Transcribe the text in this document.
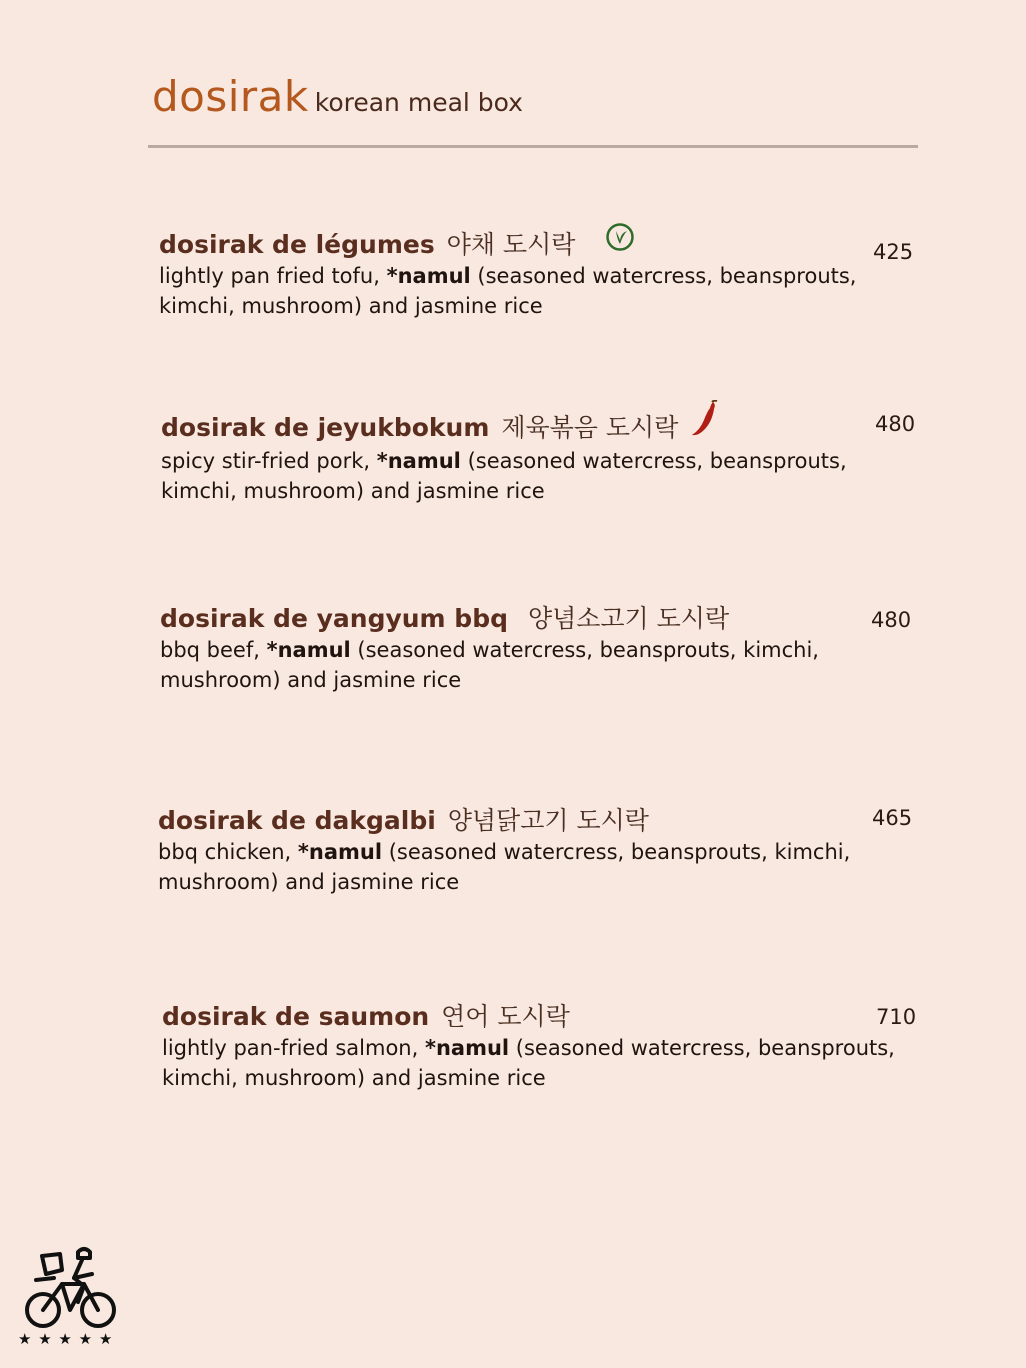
dosirak korean meal box
dosirak de légumes 야채 도시락
lightly pan fried tofu, *namul (seasoned watercress, beansprouts, kimchi, mushroom) and jasmine rice
425
dosirak de jeyukbokum 제육볶음 도시락
spicy stir-fried pork, *namul (seasoned watercress, beansprouts, kimchi, mushroom) and jasmine rice
480
dosirak de yangyum bbq 양념소고기 도시락
bbq beef, *namul (seasoned watercress, beansprouts, kimchi, mushroom) and jasmine rice
480
dosirak de dakgalbi 양념닭고기 도시락
bbq chicken, *namul (seasoned watercress, beansprouts, kimchi, mushroom) and jasmine rice
465
dosirak de saumon 연어 도시락
lightly pan-fried salmon, *namul (seasoned watercress, beansprouts, kimchi, mushroom) and jasmine rice
710
★ ★ ★ ★ ★
